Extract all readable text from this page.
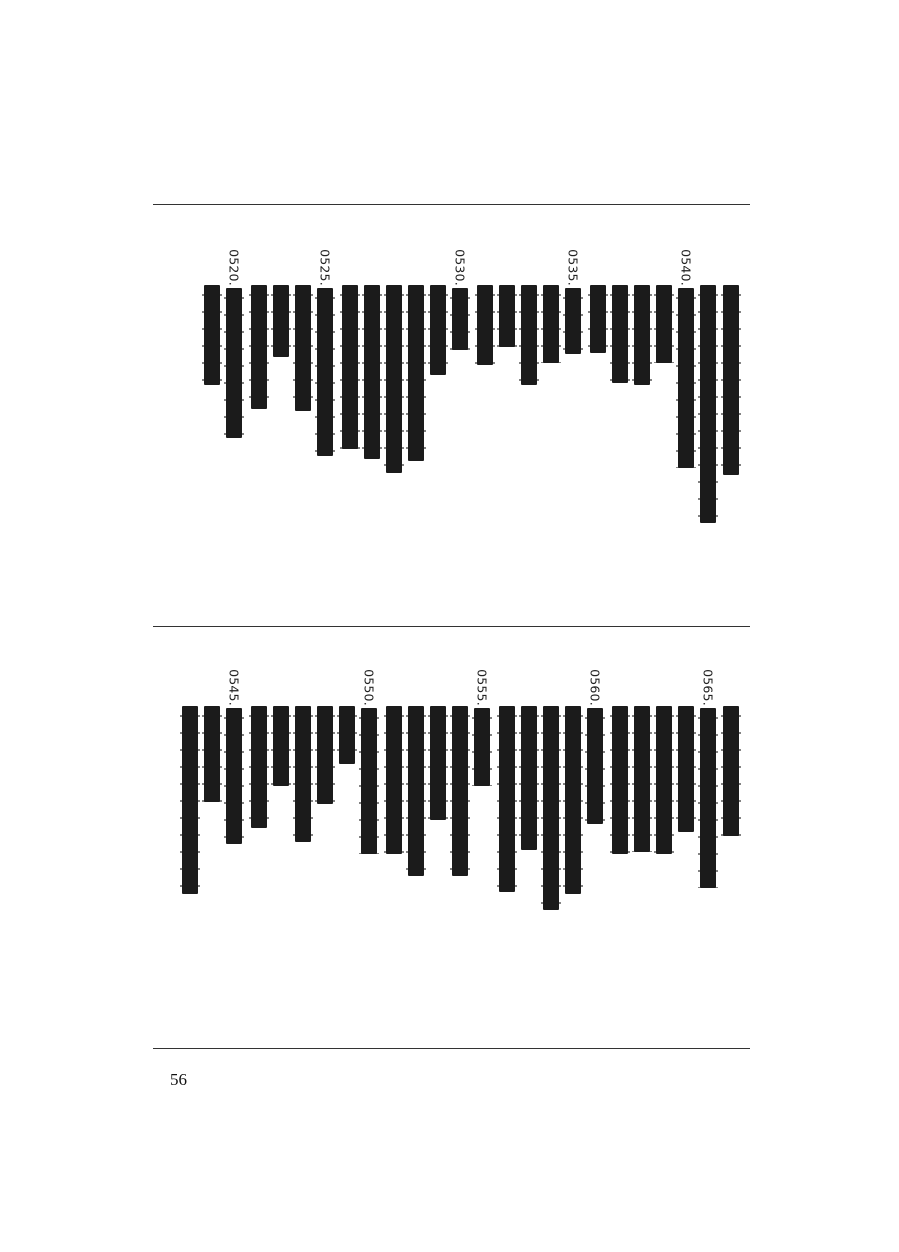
0540.
0535.
0530.
0525.
0520.
0565.
0560.
0555.
0550.
0545.
56
